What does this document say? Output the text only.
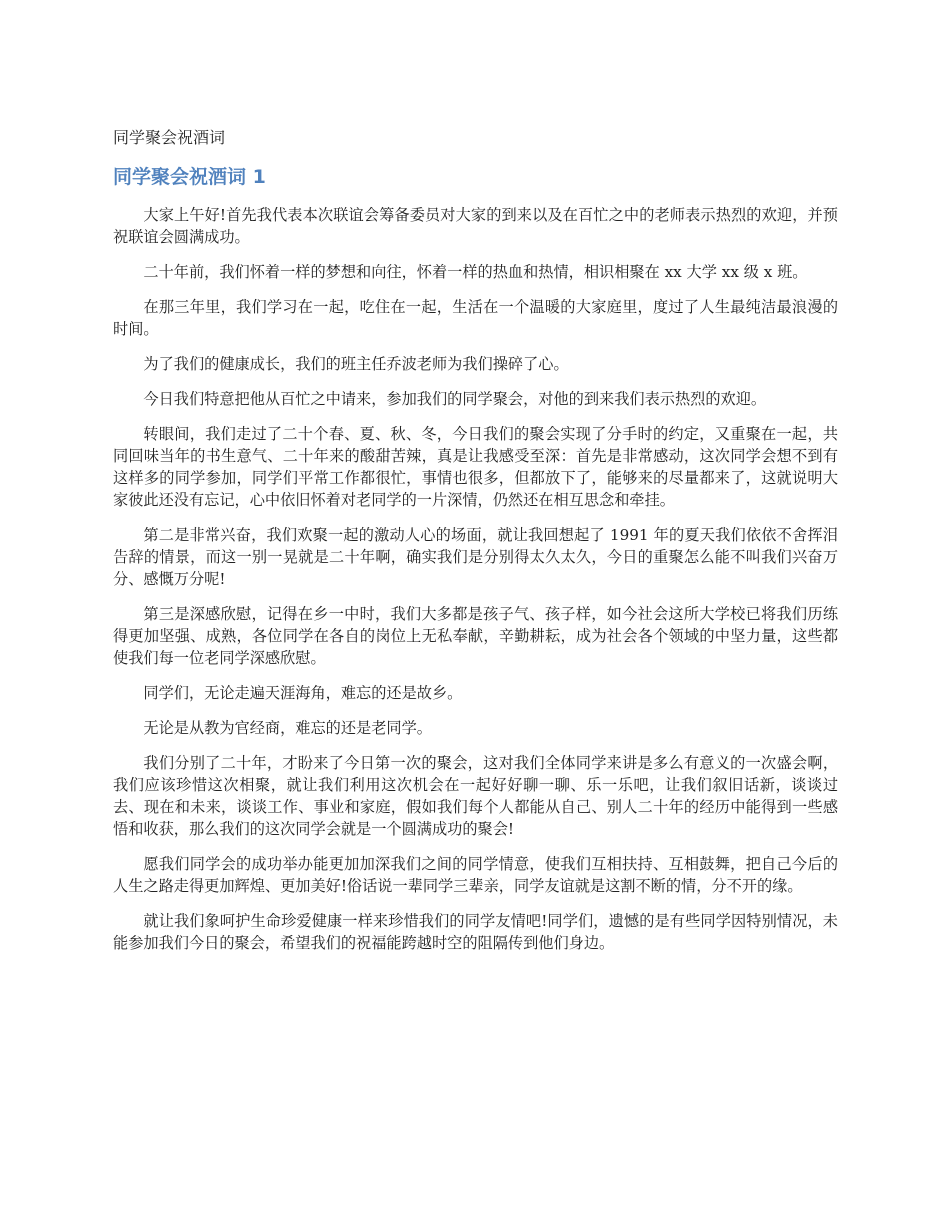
同学聚会祝酒词
同学聚会祝酒词 1

大家上午好!首先我代表本次联谊会筹备委员对大家的到来以及在百忙之中的老师表示热烈的欢迎，并预祝联谊会圆满成功。

二十年前，我们怀着一样的梦想和向往，怀着一样的热血和热情，相识相聚在 xx 大学 xx 级 x 班。

在那三年里，我们学习在一起，吃住在一起，生活在一个温暖的大家庭里，度过了人生最纯洁最浪漫的时间。

为了我们的健康成长，我们的班主任乔波老师为我们操碎了心。

今日我们特意把他从百忙之中请来，参加我们的同学聚会，对他的到来我们表示热烈的欢迎。

转眼间，我们走过了二十个春、夏、秋、冬，今日我们的聚会实现了分手时的约定，又重聚在一起，共同回味当年的书生意气、二十年来的酸甜苦辣，真是让我感受至深：首先是非常感动，这次同学会想不到有这样多的同学参加，同学们平常工作都很忙，事情也很多，但都放下了，能够来的尽量都来了，这就说明大家彼此还没有忘记，心中依旧怀着对老同学的一片深情，仍然还在相互思念和牵挂。

第二是非常兴奋，我们欢聚一起的激动人心的场面，就让我回想起了 1991 年的夏天我们依依不舍挥泪告辞的情景，而这一别一晃就是二十年啊，确实我们是分别得太久太久，今日的重聚怎么能不叫我们兴奋万分、感慨万分呢!

第三是深感欣慰，记得在乡一中时，我们大多都是孩子气、孩子样，如今社会这所大学校已将我们历练得更加坚强、成熟，各位同学在各自的岗位上无私奉献，辛勤耕耘，成为社会各个领域的中坚力量，这些都使我们每一位老同学深感欣慰。

同学们，无论走遍天涯海角，难忘的还是故乡。

无论是从教为官经商，难忘的还是老同学。

我们分别了二十年，才盼来了今日第一次的聚会，这对我们全体同学来讲是多么有意义的一次盛会啊，我们应该珍惜这次相聚，就让我们利用这次机会在一起好好聊一聊、乐一乐吧，让我们叙旧话新，谈谈过去、现在和未来，谈谈工作、事业和家庭，假如我们每个人都能从自己、别人二十年的经历中能得到一些感悟和收获，那么我们的这次同学会就是一个圆满成功的聚会!

愿我们同学会的成功举办能更加加深我们之间的同学情意，使我们互相扶持、互相鼓舞，把自己今后的人生之路走得更加辉煌、更加美好!俗话说一辈同学三辈亲，同学友谊就是这割不断的情，分不开的缘。

就让我们象呵护生命珍爱健康一样来珍惜我们的同学友情吧!同学们，遗憾的是有些同学因特别情况，未能参加我们今日的聚会，希望我们的祝福能跨越时空的阻隔传到他们身边。
